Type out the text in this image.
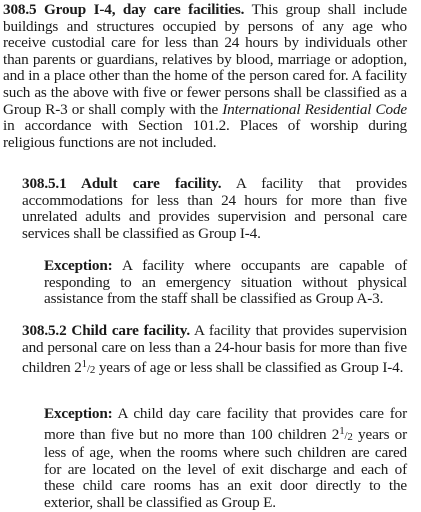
308.5 Group I-4, day care facilities. This group shall include buildings and structures occupied by persons of any age who receive custodial care for less than 24 hours by individuals other than parents or guardians, relatives by blood, marriage or adoption, and in a place other than the home of the person cared for. A facility such as the above with five or fewer persons shall be classified as a Group R-3 or shall comply with the International Residential Code in accordance with Section 101.2. Places of worship during religious functions are not included.

308.5.1 Adult care facility. A facility that provides accommodations for less than 24 hours for more than five unrelated adults and provides supervision and personal care services shall be classified as Group I-4.

Exception: A facility where occupants are capable of responding to an emergency situation without physical assistance from the staff shall be classified as Group A-3.

308.5.2 Child care facility. A facility that provides supervision and personal care on less than a 24-hour basis for more than five children 21/2 years of age or less shall be classified as Group I-4.

Exception: A child day care facility that provides care for more than five but no more than 100 children 21/2 years or less of age, when the rooms where such children are cared for are located on the level of exit discharge and each of these child care rooms has an exit door directly to the exterior, shall be classified as Group E.
